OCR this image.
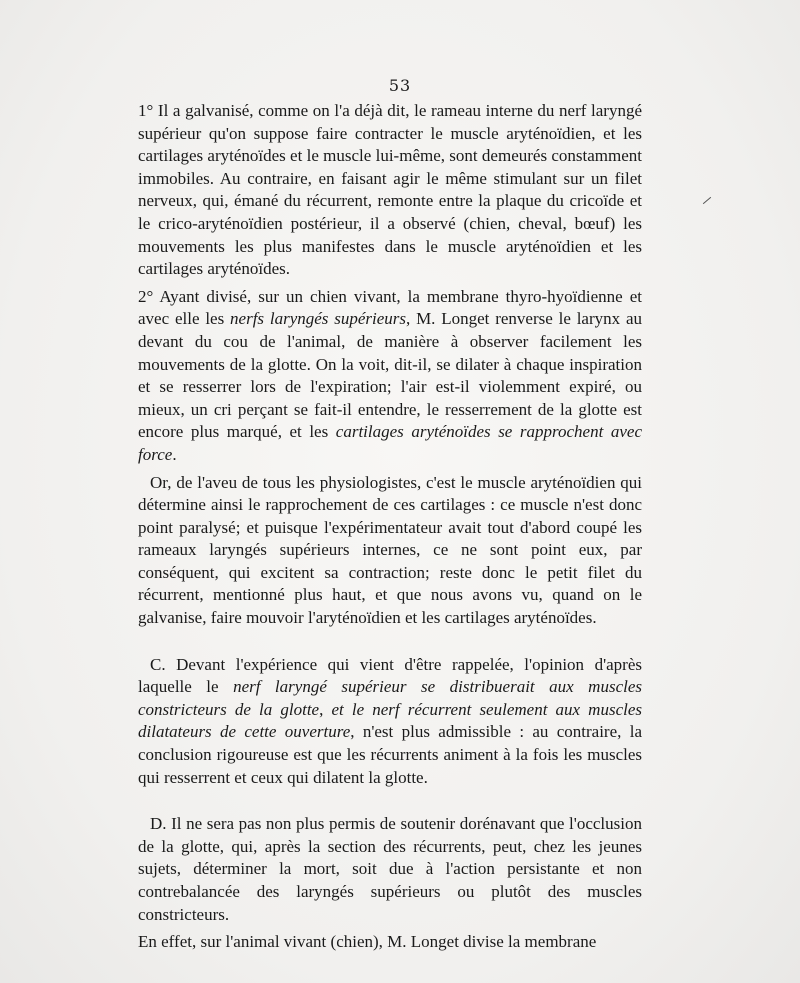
53

1° Il a galvanisé, comme on l'a déjà dit, le rameau interne du nerf laryngé supérieur qu'on suppose faire contracter le muscle aryténoïdien, et les cartilages aryténoïdes et le muscle lui-même, sont demeurés constamment immobiles. Au contraire, en faisant agir le même stimulant sur un filet nerveux, qui, émané du récurrent, remonte entre la plaque du cricoïde et le crico-aryténoïdien postérieur, il a observé (chien, cheval, bœuf) les mouvements les plus manifestes dans le muscle aryténoïdien et les cartilages aryténoïdes.

2° Ayant divisé, sur un chien vivant, la membrane thyro-hyoïdienne et avec elle les nerfs laryngés supérieurs, M. Longet renverse le larynx au devant du cou de l'animal, de manière à observer facilement les mouvements de la glotte. On la voit, dit-il, se dilater à chaque inspiration et se resserrer lors de l'expiration; l'air est-il violemment expiré, ou mieux, un cri perçant se fait-il entendre, le resserrement de la glotte est encore plus marqué, et les cartilages aryténoïdes se rapprochent avec force.

Or, de l'aveu de tous les physiologistes, c'est le muscle aryténoïdien qui détermine ainsi le rapprochement de ces cartilages : ce muscle n'est donc point paralysé; et puisque l'expérimentateur avait tout d'abord coupé les rameaux laryngés supérieurs internes, ce ne sont point eux, par conséquent, qui excitent sa contraction; reste donc le petit filet du récurrent, mentionné plus haut, et que nous avons vu, quand on le galvanise, faire mouvoir l'aryténoïdien et les cartilages aryténoïdes.

C. Devant l'expérience qui vient d'être rappelée, l'opinion d'après laquelle le nerf laryngé supérieur se distribuerait aux muscles constricteurs de la glotte, et le nerf récurrent seulement aux muscles dilatateurs de cette ouverture, n'est plus admissible : au contraire, la conclusion rigoureuse est que les récurrents animent à la fois les muscles qui resserrent et ceux qui dilatent la glotte.

D. Il ne sera pas non plus permis de soutenir dorénavant que l'occlusion de la glotte, qui, après la section des récurrents, peut, chez les jeunes sujets, déterminer la mort, soit due à l'action persistante et non contrebalancée des laryngés supérieurs ou plutôt des muscles constricteurs.

En effet, sur l'animal vivant (chien), M. Longet divise la membrane
